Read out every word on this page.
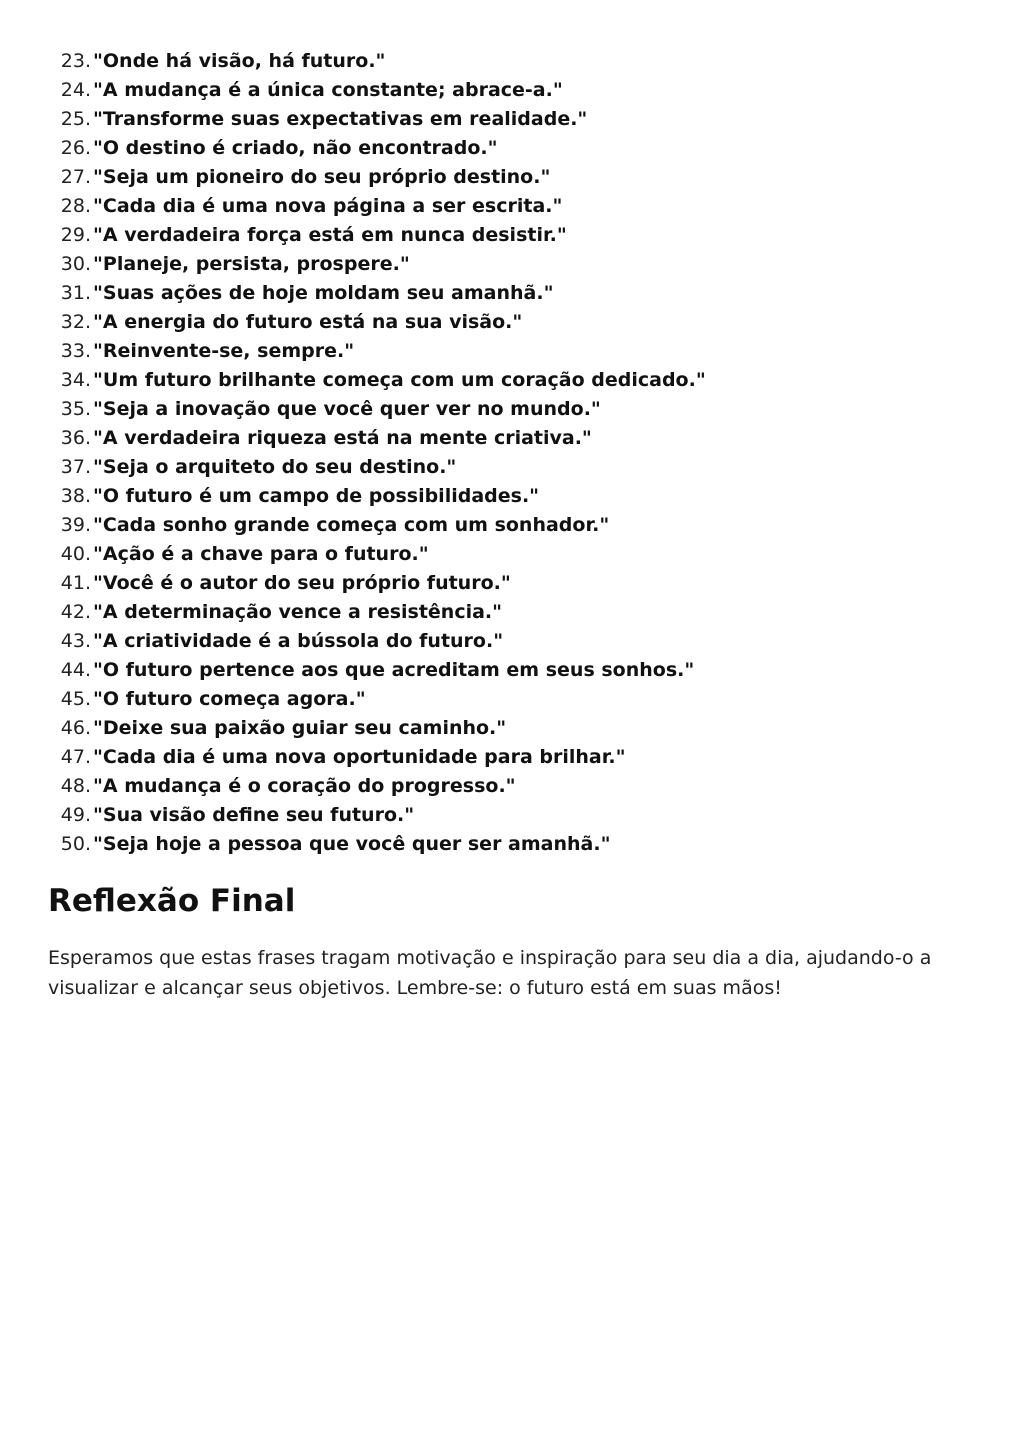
23. "Onde há visão, há futuro."
24. "A mudança é a única constante; abrace-a."
25. "Transforme suas expectativas em realidade."
26. "O destino é criado, não encontrado."
27. "Seja um pioneiro do seu próprio destino."
28. "Cada dia é uma nova página a ser escrita."
29. "A verdadeira força está em nunca desistir."
30. "Planeje, persista, prospere."
31. "Suas ações de hoje moldam seu amanhã."
32. "A energia do futuro está na sua visão."
33. "Reinvente-se, sempre."
34. "Um futuro brilhante começa com um coração dedicado."
35. "Seja a inovação que você quer ver no mundo."
36. "A verdadeira riqueza está na mente criativa."
37. "Seja o arquiteto do seu destino."
38. "O futuro é um campo de possibilidades."
39. "Cada sonho grande começa com um sonhador."
40. "Ação é a chave para o futuro."
41. "Você é o autor do seu próprio futuro."
42. "A determinação vence a resistência."
43. "A criatividade é a bússola do futuro."
44. "O futuro pertence aos que acreditam em seus sonhos."
45. "O futuro começa agora."
46. "Deixe sua paixão guiar seu caminho."
47. "Cada dia é uma nova oportunidade para brilhar."
48. "A mudança é o coração do progresso."
49. "Sua visão define seu futuro."
50. "Seja hoje a pessoa que você quer ser amanhã."
Reflexão Final

Esperamos que estas frases tragam motivação e inspiração para seu dia a dia, ajudando-o a visualizar e alcançar seus objetivos. Lembre-se: o futuro está em suas mãos!
